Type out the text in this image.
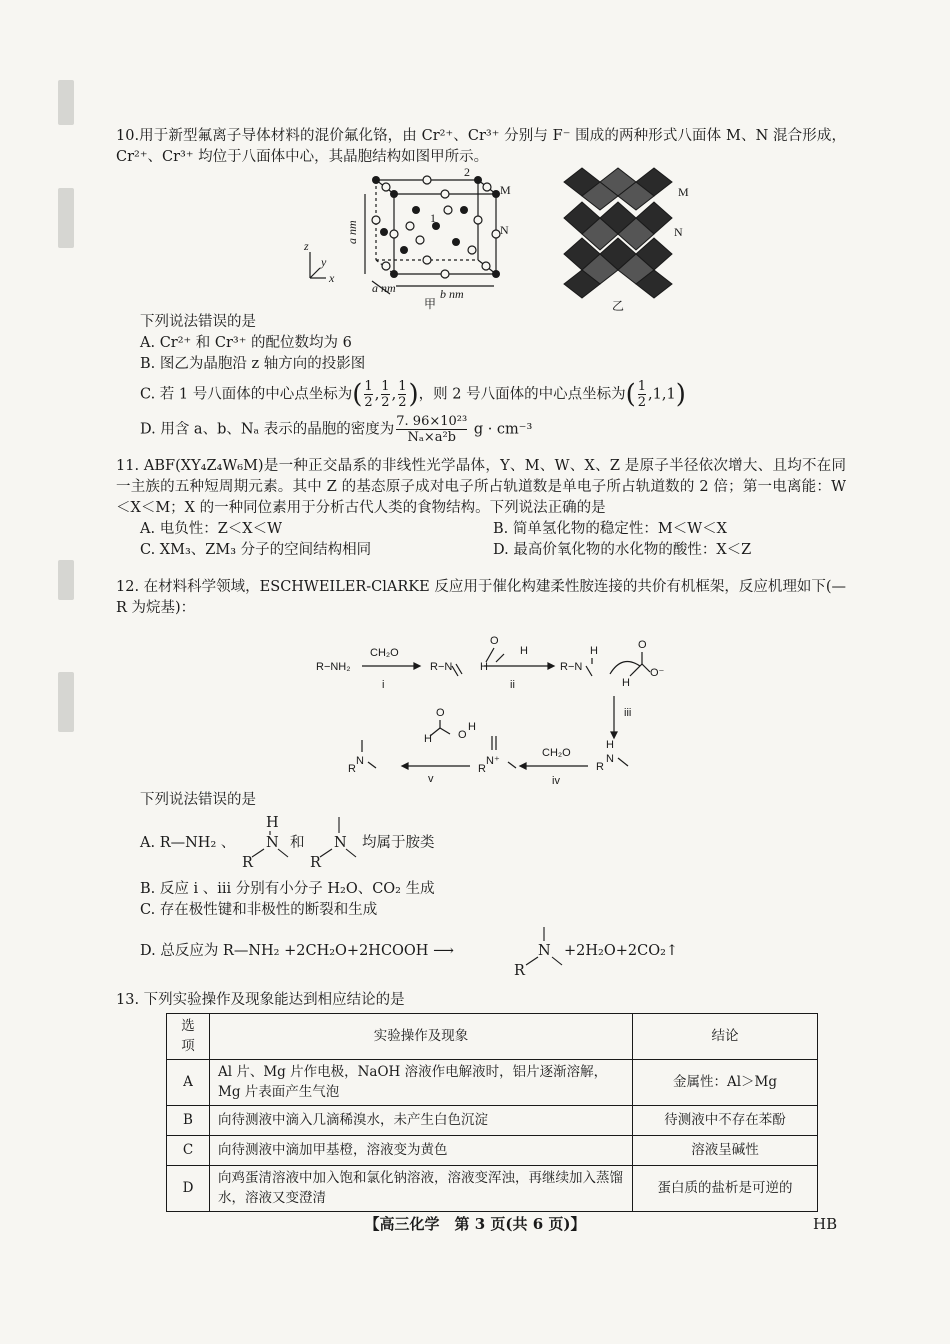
10.用于新型氟离子导体材料的混价氟化铬，由 Cr²⁺、Cr³⁺ 分别与 F⁻ 围成的两种形式八面体 M、N 混合形成，Cr²⁺、Cr³⁺ 均位于八面体中心，其晶胞结构如图甲所示。

2
1
M
N
a nm
a nm	b nm
z
y
x
甲
M
N
乙

下列说法错误的是

A. Cr²⁺ 和 Cr³⁺ 的配位数均为 6

B. 图乙为晶胞沿 z 轴方向的投影图

C. 若 1 号八面体的中心点坐标为( $\frac{1}{2}$ , $\frac{1}{2}$ , $\frac{1}{2}$ )，则 2 号八面体的中心点坐标为( $\frac{1}{2} ,1,1$)

D. 用含 a、b、Nₐ 表示的晶胞的密度为 $\frac{\text{7. 96×10²³}}{\text{Nₐ×a²b}}$ g · cm⁻³

11. ABF(XY₄Z₄W₆M)是一种正交晶系的非线性光学晶体，Y、M、W、X、Z 是原子半径依次增大、且均不在同一主族的五种短周期元素。其中 Z 的基态原子成对电子所占轨道数是单电子所占轨道数的 2 倍；第一电离能：W＜X＜M；X 的一种同位素用于分析古代人类的食物结构。下列说法正确的是

A. 电负性：Z＜X＜W	B. 简单氢化物的稳定性：M＜W＜X
C. XM₃、ZM₃ 分子的空间结构相同	D. 最高价氧化物的水化物的酸性：X＜Z

12. 在材料科学领域，ESCHWEILER-ClARKE 反应用于催化构建柔性胺连接的共价有机框架，反应机理如下(—R 为烷基)：

R−NH₂
CH₂O
i
R−N
ii
R−N
H
H
O
O⁻
iii
R
N
H
CH₂O
iv
R
N⁺
v
R
N
H
O
O
H
O
H
H

下列说法错误的是

A. R—NH₂ 、
H
N
R
和 N
R
均属于胺类

B. 反应 i 、iii 分别有小分子 H₂O、CO₂ 生成

C. 存在极性键和非极性的断裂和生成

D. 总反应为 R—NH₂ +2CH₂O+2HCOOH ⟶	N
R
+2H₂O+2CO₂↑

13. 下列实验操作及现象能达到相应结论的是

选项	实验操作及现象	结论
A	Al 片、Mg 片作电极，NaOH 溶液作电解液时，铝片逐渐溶解，Mg 片表面产生气泡	金属性：Al＞Mg
B	向待测液中滴入几滴稀溴水，未产生白色沉淀	待测液中不存在苯酚
C	向待测液中滴加甲基橙，溶液变为黄色	溶液呈碱性
D	向鸡蛋清溶液中加入饱和氯化钠溶液，溶液变浑浊，再继续加入蒸馏水，溶液又变澄清	蛋白质的盐析是可逆的
【高三化学　第 3 页(共 6 页)】	HB
